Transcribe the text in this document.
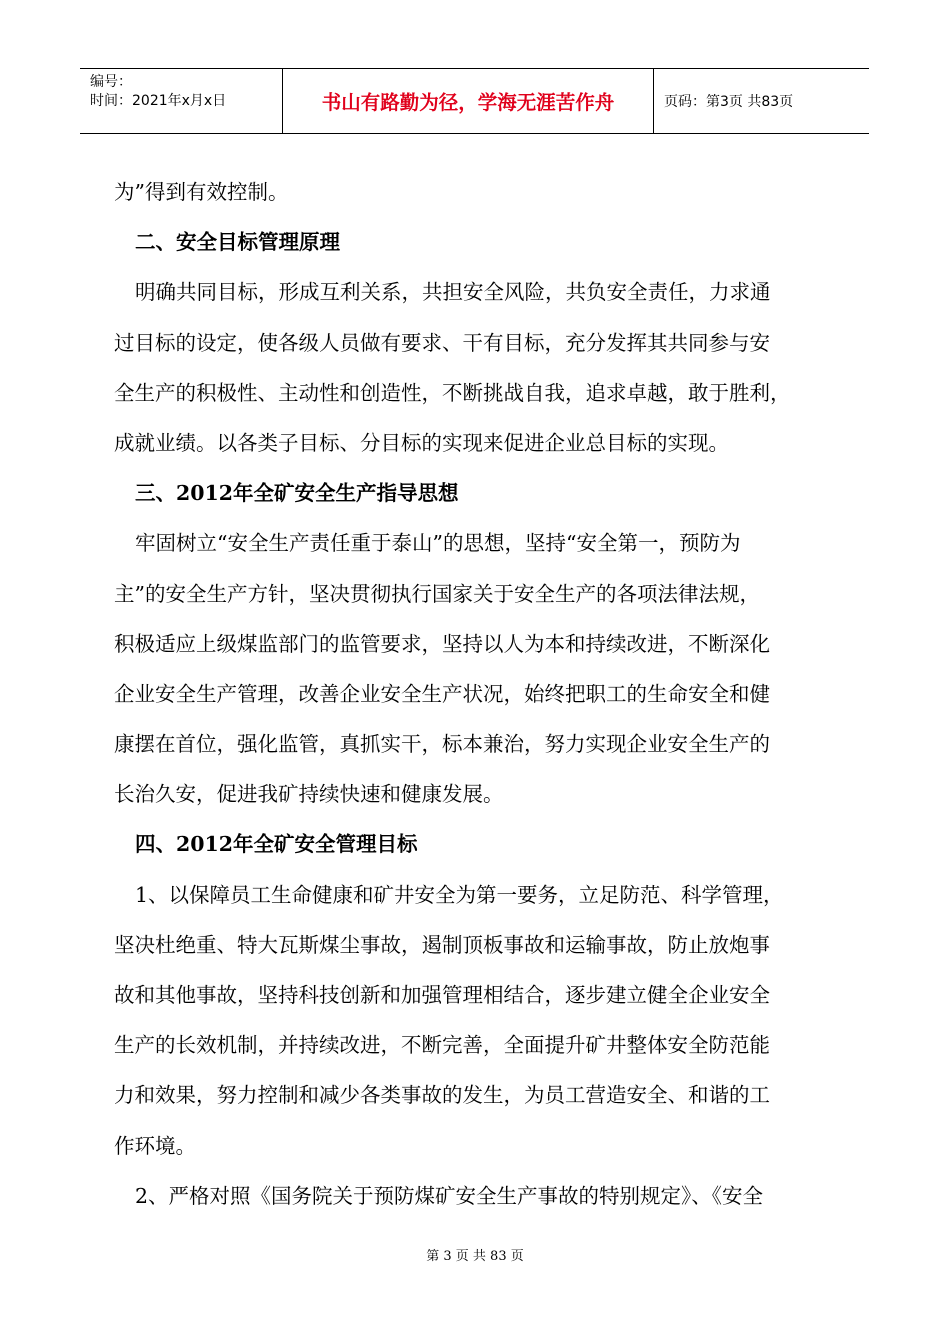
编号：
时间：2021年x月x日	书山有路勤为径，学海无涯苦作舟	页码：第3页 共83页
为”得到有效控制。
二、安全目标管理原理
明确共同目标，形成互利关系，共担安全风险，共负安全责任，力求通
过目标的设定，使各级人员做有要求、干有目标，充分发挥其共同参与安
全生产的积极性、主动性和创造性，不断挑战自我，追求卓越，敢于胜利，
成就业绩。以各类子目标、分目标的实现来促进企业总目标的实现。
三、2012年全矿安全生产指导思想
牢固树立“安全生产责任重于泰山”的思想，坚持“安全第一，预防为
主”的安全生产方针，坚决贯彻执行国家关于安全生产的各项法律法规，
积极适应上级煤监部门的监管要求，坚持以人为本和持续改进，不断深化
企业安全生产管理，改善企业安全生产状况，始终把职工的生命安全和健
康摆在首位，强化监管，真抓实干，标本兼治，努力实现企业安全生产的
长治久安，促进我矿持续快速和健康发展。
四、2012年全矿安全管理目标
1、以保障员工生命健康和矿井安全为第一要务，立足防范、科学管理，
坚决杜绝重、特大瓦斯煤尘事故，遏制顶板事故和运输事故，防止放炮事
故和其他事故，坚持科技创新和加强管理相结合，逐步建立健全企业安全
生产的长效机制，并持续改进，不断完善，全面提升矿井整体安全防范能
力和效果，努力控制和减少各类事故的发生，为员工营造安全、和谐的工
作环境。
2、严格对照《国务院关于预防煤矿安全生产事故的特别规定》、《安全
第 3 页 共 83 页
